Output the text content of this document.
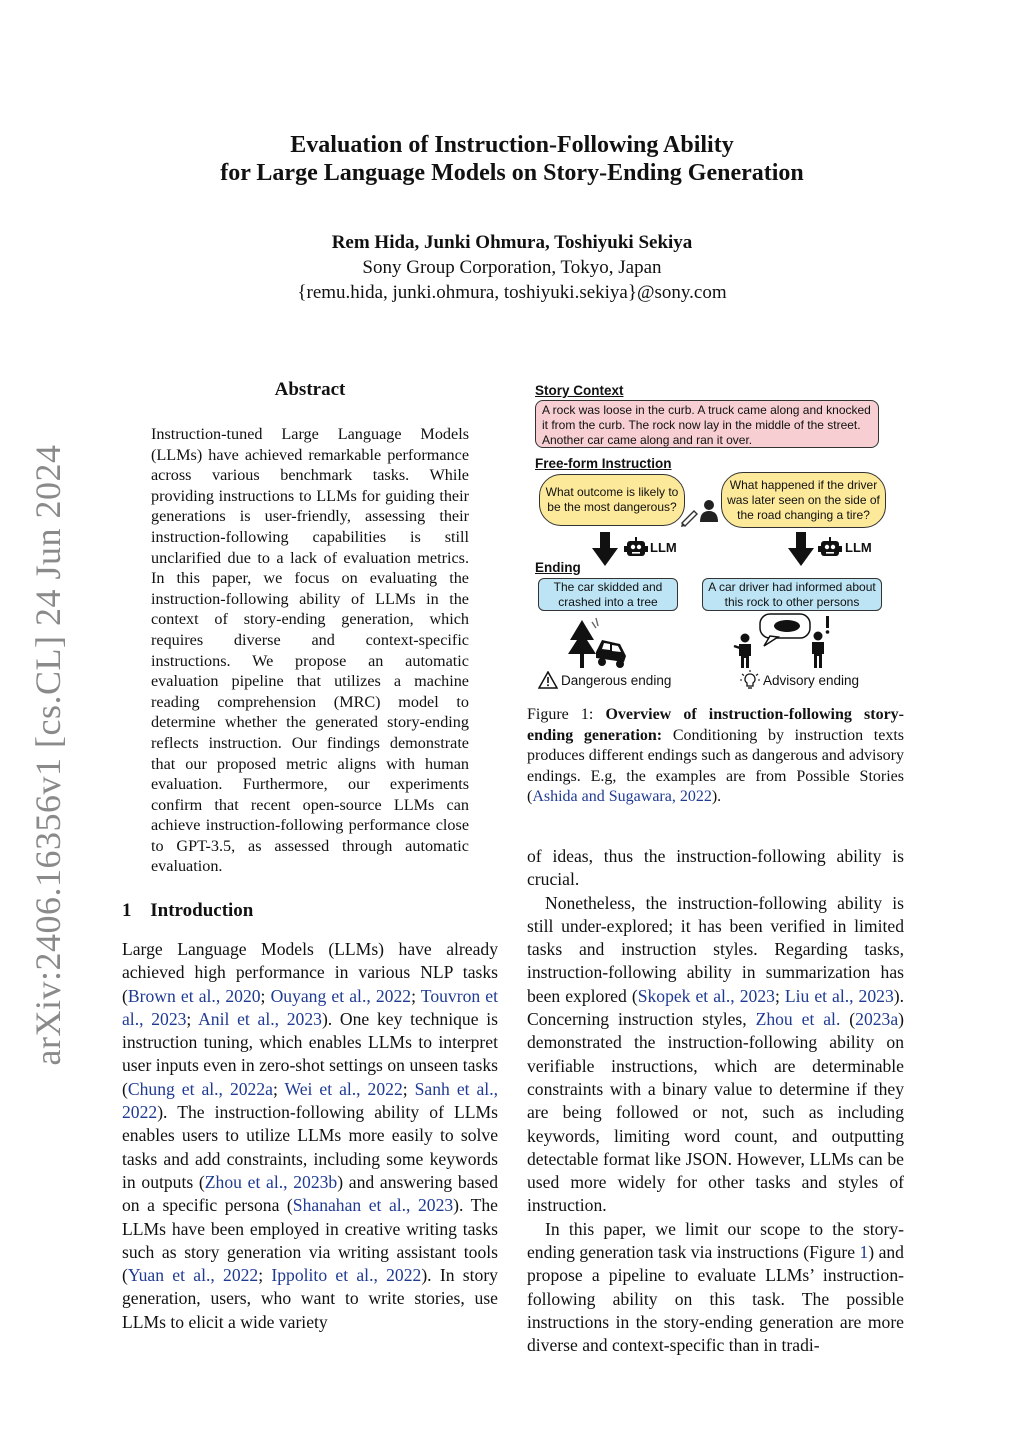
arXiv:2406.16356v1 [cs.CL] 24 Jun 2024
Evaluation of Instruction-Following Ability
for Large Language Models on Story-Ending Generation
Rem Hida, Junki Ohmura, Toshiyuki Sekiya
Sony Group Corporation, Tokyo, Japan
{remu.hida, junki.ohmura, toshiyuki.sekiya}@sony.com
Abstract
Instruction-tuned Large Language Models (LLMs) have achieved remarkable performance across various benchmark tasks. While providing instructions to LLMs for guiding their generations is user-friendly, assessing their instruction-following capabilities is still unclarified due to a lack of evaluation metrics. In this paper, we focus on evaluating the instruction-following ability of LLMs in the context of story-ending generation, which requires diverse and context-specific instructions. We propose an automatic evaluation pipeline that utilizes a machine reading comprehension (MRC) model to determine whether the generated story-ending reflects instruction. Our findings demonstrate that our proposed metric aligns with human evaluation. Furthermore, our experiments confirm that recent open-source LLMs can achieve instruction-following performance close to GPT-3.5, as assessed through automatic evaluation.
1 Introduction

Large Language Models (LLMs) have already achieved high performance in various NLP tasks (Brown et al., 2020; Ouyang et al., 2022; Touvron et al., 2023; Anil et al., 2023). One key technique is instruction tuning, which enables LLMs to interpret user inputs even in zero-shot settings on unseen tasks (Chung et al., 2022a; Wei et al., 2022; Sanh et al., 2022). The instruction-following ability of LLMs enables users to utilize LLMs more easily to solve tasks and add constraints, including some keywords in outputs (Zhou et al., 2023b) and answering based on a specific persona (Shanahan et al., 2023). The LLMs have been employed in creative writing tasks such as story generation via writing assistant tools (Yuan et al., 2022; Ippolito et al., 2022). In story generation, users, who want to write stories, use LLMs to elicit a wide variety

Story Context
A rock was loose in the curb. A truck came along and knocked it from the curb. The rock now lay in the middle of the street. Another car came along and ran it over.
Free-form Instruction
What outcome is likely to be the most dangerous?
What happened if the driver was later seen on the side of the road changing a tire?
LLM	LLM
Ending
The car skidded and crashed into a tree
A car driver had informed about this rock to other persons
Dangerous ending	Advisory ending
Figure 1: Overview of instruction-following story-ending generation: Conditioning by instruction texts produces different endings such as dangerous and advisory endings. E.g, the examples are from Possible Stories (Ashida and Sugawara, 2022).

of ideas, thus the instruction-following ability is crucial.

Nonetheless, the instruction-following ability is still under-explored; it has been verified in limited tasks and instruction styles. Regarding tasks, instruction-following ability in summarization has been explored (Skopek et al., 2023; Liu et al., 2023). Concerning instruction styles, Zhou et al. (2023a) demonstrated the instruction-following ability on verifiable instructions, which are determinable constraints with a binary value to determine if they are being followed or not, such as including keywords, limiting word count, and outputting detectable format like JSON. However, LLMs can be used more widely for other tasks and styles of instruction.

In this paper, we limit our scope to the story-ending generation task via instructions (Figure 1) and propose a pipeline to evaluate LLMs’ instruction-following ability on this task. The possible instructions in the story-ending generation are more diverse and context-specific than in tradi-
